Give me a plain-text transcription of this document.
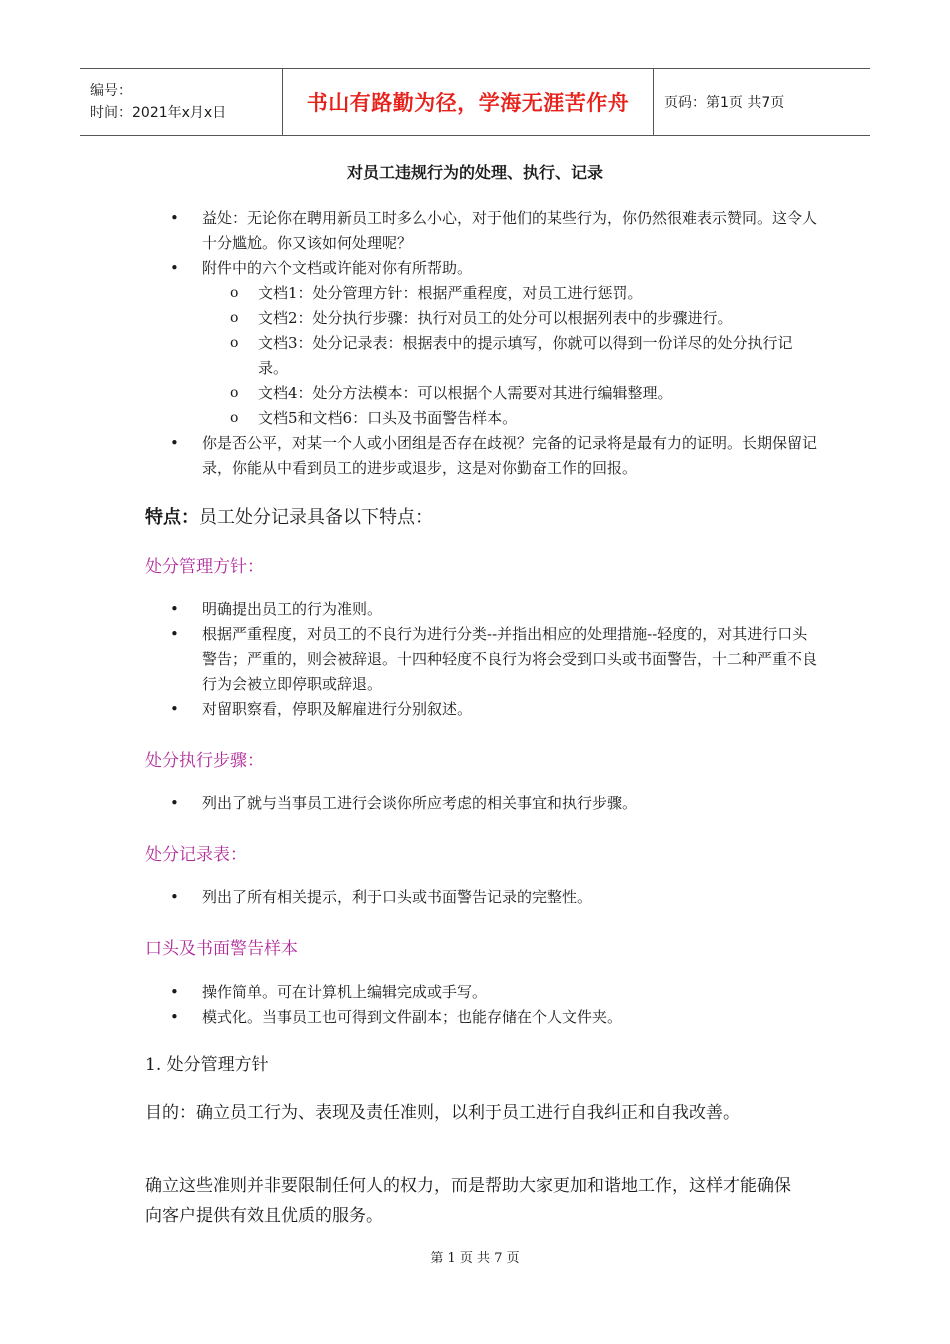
编号：
时间：2021年x月x日	书山有路勤为径，学海无涯苦作舟 页码：第1页 共7页
对员工违规行为的处理、执行、记录
• 益处：无论你在聘用新员工时多么小心，对于他们的某些行为，你仍然很难表示赞同。这令人十分尴尬。你又该如何处理呢？
• 附件中的六个文档或许能对你有所帮助。
o 文档1：处分管理方针：根据严重程度，对员工进行惩罚。
o 文档2：处分执行步骤：执行对员工的处分可以根据列表中的步骤进行。
o 文档3：处分记录表：根据表中的提示填写，你就可以得到一份详尽的处分执行记录。
o 文档4：处分方法模本：可以根据个人需要对其进行编辑整理。
o 文档5和文档6：口头及书面警告样本。
• 你是否公平，对某一个人或小团组是否存在歧视？完备的记录将是最有力的证明。长期保留记录，你能从中看到员工的进步或退步，这是对你勤奋工作的回报。
特点：员工处分记录具备以下特点：
处分管理方针：
• 明确提出员工的行为准则。
• 根据严重程度，对员工的不良行为进行分类--并指出相应的处理措施--轻度的，对其进行口头警告；严重的，则会被辞退。十四种轻度不良行为将会受到口头或书面警告，十二种严重不良行为会被立即停职或辞退。
• 对留职察看，停职及解雇进行分别叙述。
处分执行步骤：
• 列出了就与当事员工进行会谈你所应考虑的相关事宜和执行步骤。
处分记录表：
• 列出了所有相关提示，利于口头或书面警告记录的完整性。
口头及书面警告样本
• 操作简单。可在计算机上编辑完成或手写。
• 模式化。当事员工也可得到文件副本；也能存储在个人文件夹。
1. 处分管理方针
目的：确立员工行为、表现及责任准则，以利于员工进行自我纠正和自我改善。
确立这些准则并非要限制任何人的权力，而是帮助大家更加和谐地工作，这样才能确保向客户提供有效且优质的服务。
第 1 页 共 7 页
